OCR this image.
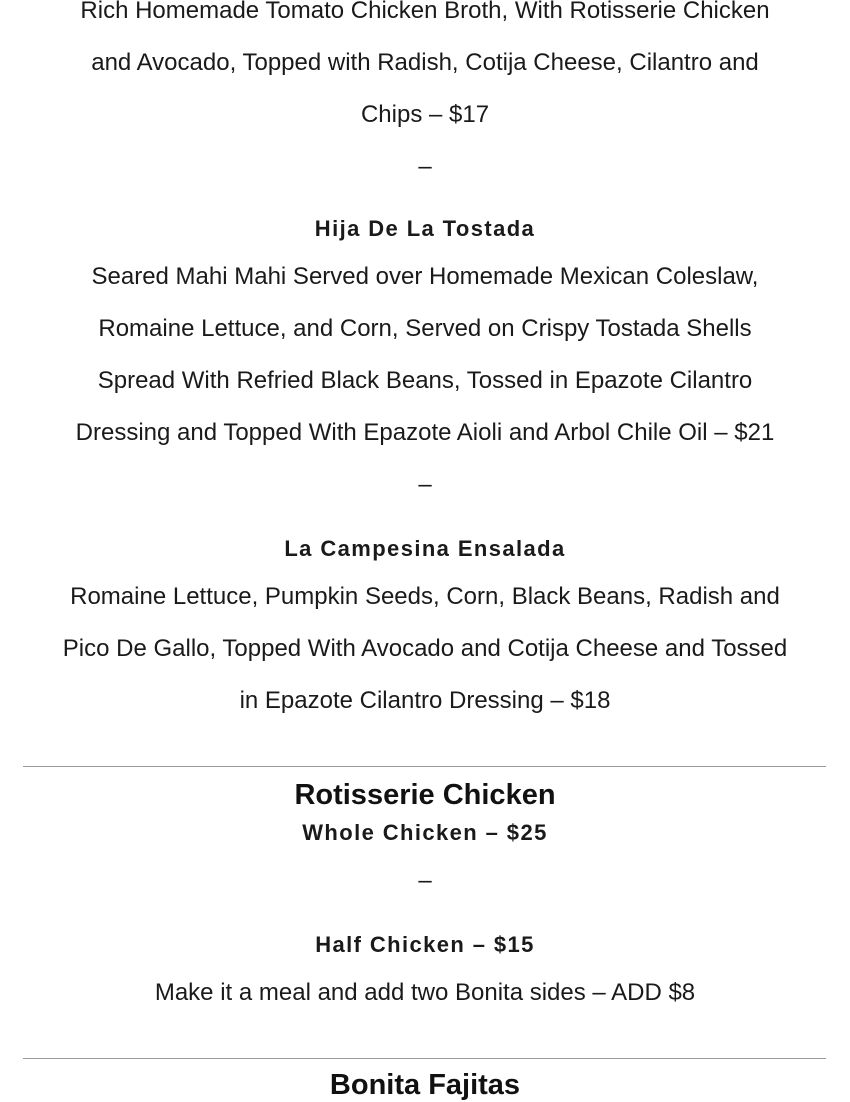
Rich Homemade Tomato Chicken Broth, With Rotisserie Chicken
and Avocado, Topped with Radish, Cotija Cheese, Cilantro and
Chips – $17
–
Hija De La Tostada
Seared Mahi Mahi Served over Homemade Mexican Coleslaw,
Romaine Lettuce, and Corn, Served on Crispy Tostada Shells
Spread With Refried Black Beans, Tossed in Epazote Cilantro
Dressing and Topped With Epazote Aioli and Arbol Chile Oil – $21
–
La Campesina Ensalada
Romaine Lettuce, Pumpkin Seeds, Corn, Black Beans, Radish and
Pico De Gallo, Topped With Avocado and Cotija Cheese and Tossed
in Epazote Cilantro Dressing – $18
Rotisserie Chicken
Whole Chicken – $25
–
Half Chicken – $15
Make it a meal and add two Bonita sides – ADD $8
Bonita Fajitas
